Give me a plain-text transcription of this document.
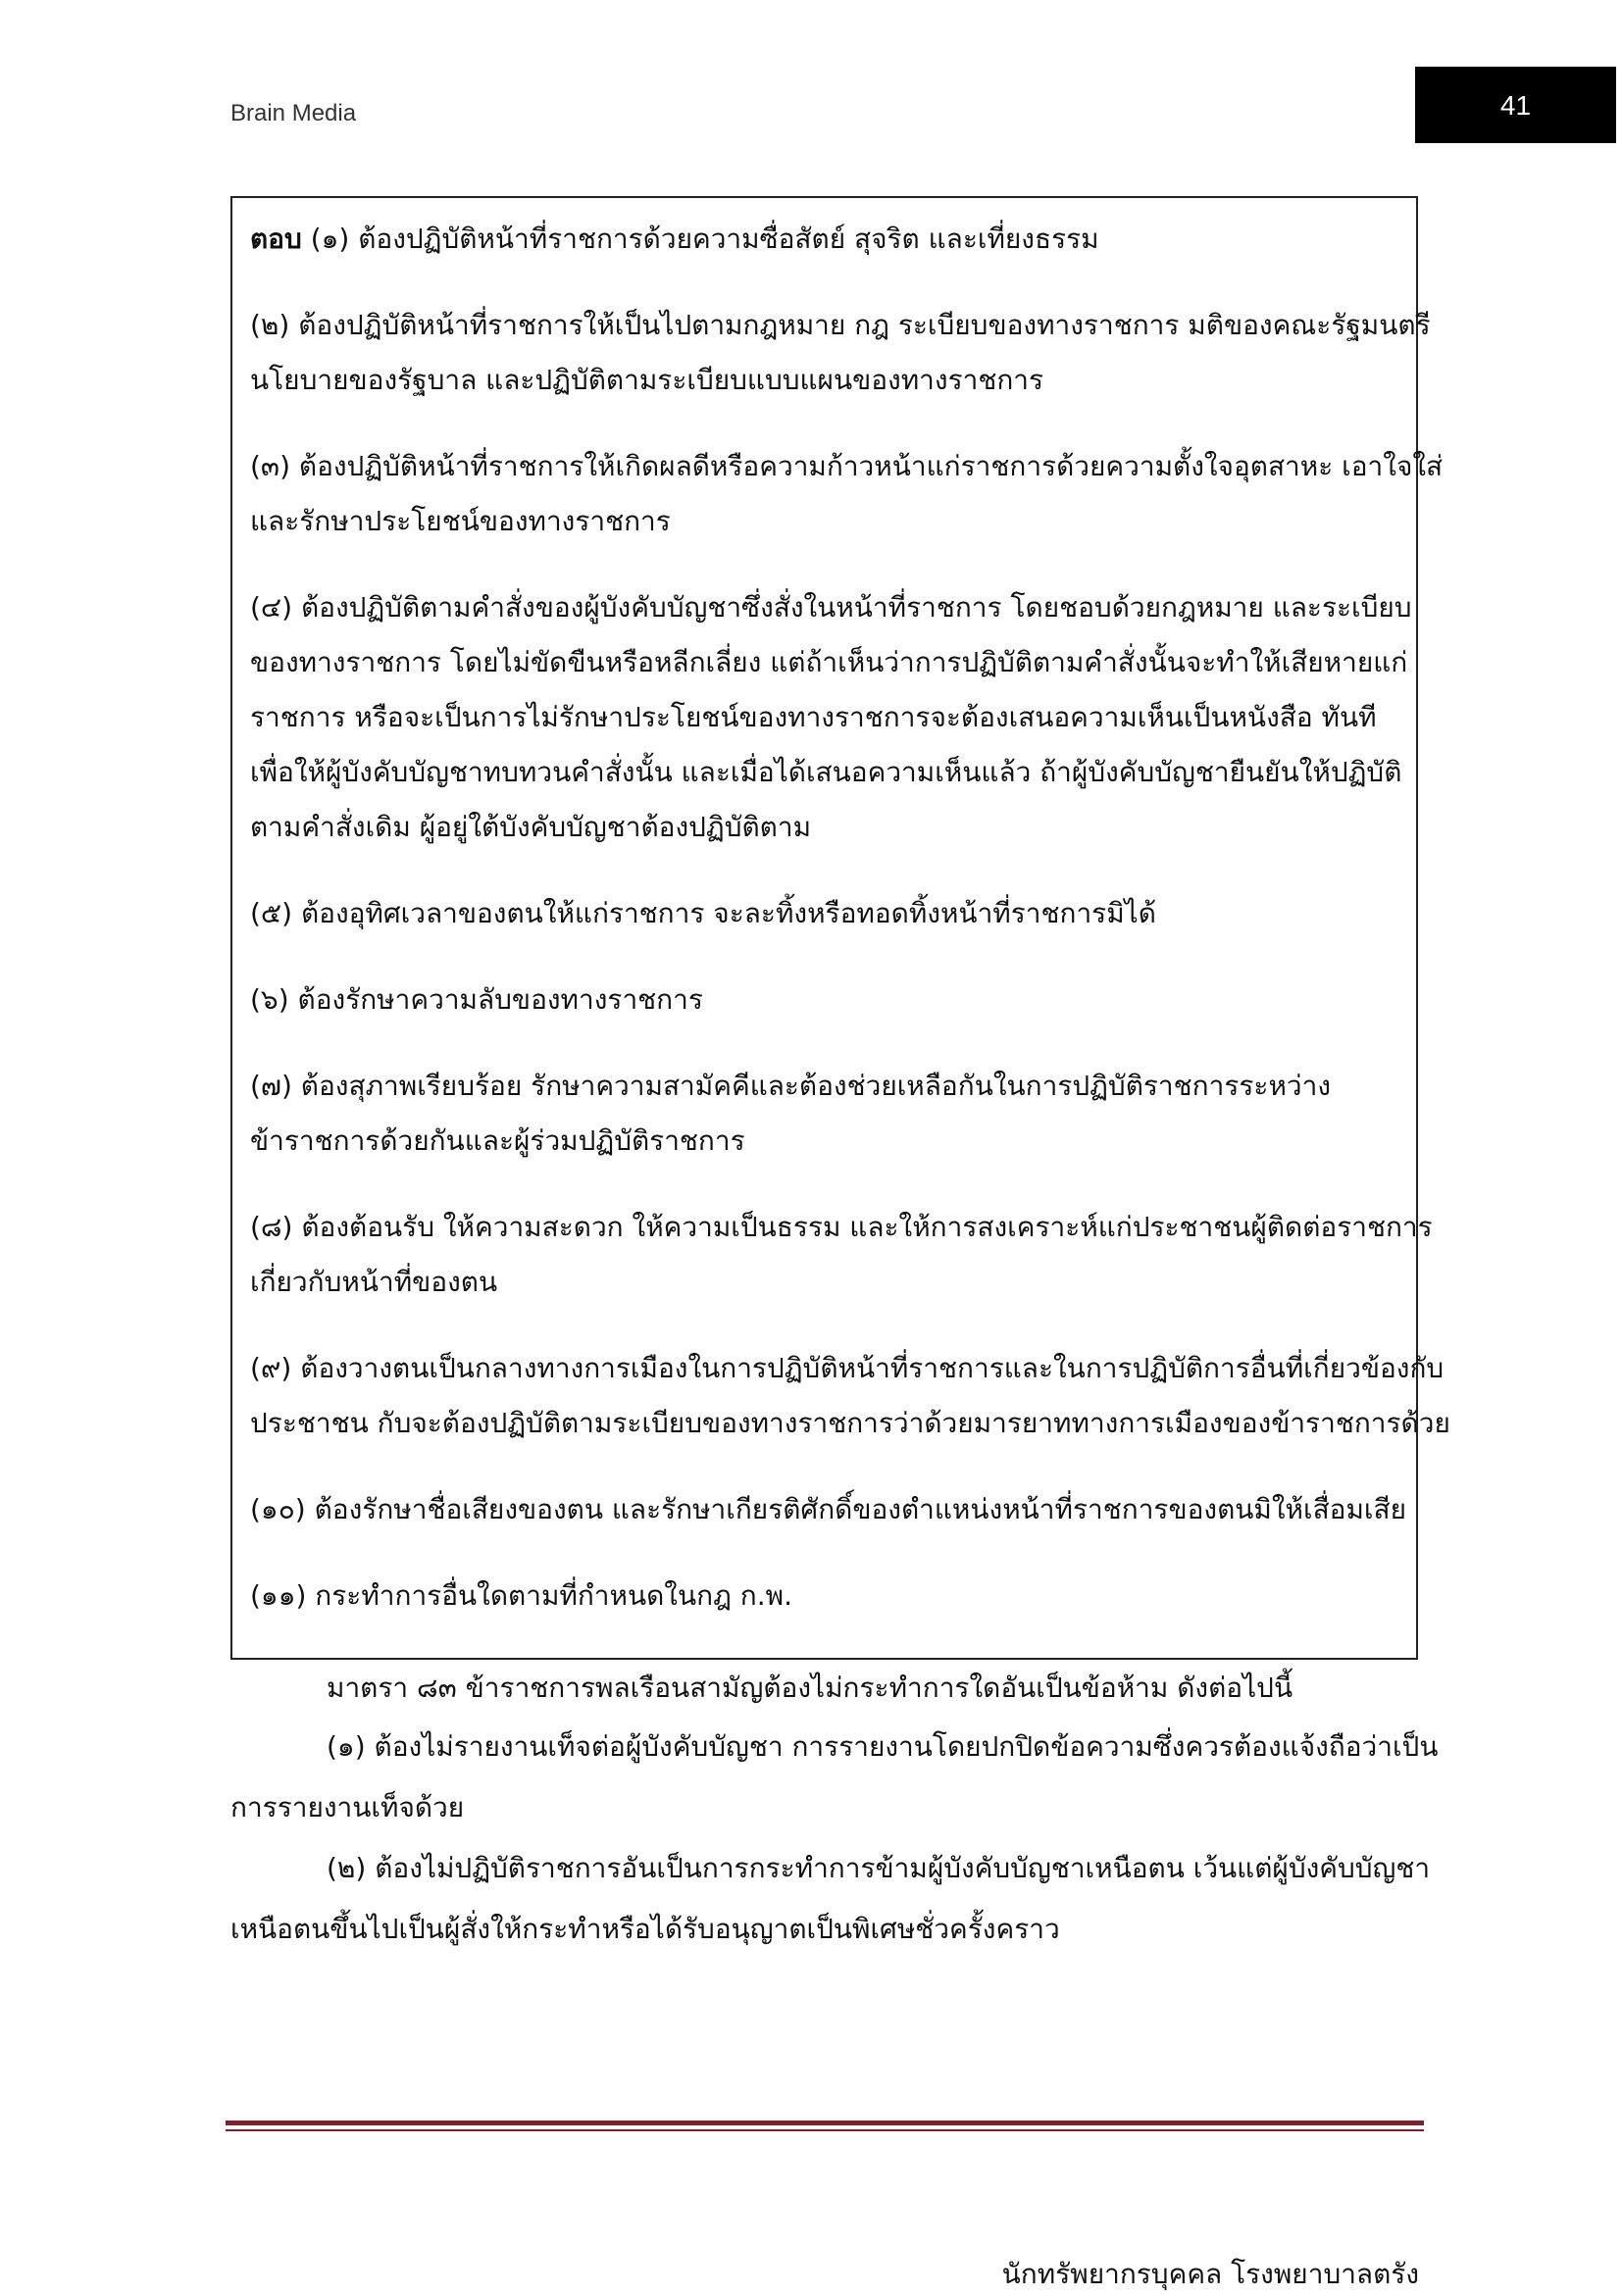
Brain Media	41
ตอบ (๑) ต้องปฏิบัติหน้าที่ราชการด้วยความซื่อสัตย์ สุจริต และเที่ยงธรรม
(๒) ต้องปฏิบัติหน้าที่ราชการให้เป็นไปตามกฎหมาย กฎ ระเบียบของทางราชการ มติของคณะรัฐมนตรี
นโยบายของรัฐบาล และปฏิบัติตามระเบียบแบบแผนของทางราชการ
(๓) ต้องปฏิบัติหน้าที่ราชการให้เกิดผลดีหรือความก้าวหน้าแก่ราชการด้วยความตั้งใจอุตสาหะ เอาใจใส่
และรักษาประโยชน์ของทางราชการ
(๔) ต้องปฏิบัติตามคำสั่งของผู้บังคับบัญชาซึ่งสั่งในหน้าที่ราชการ โดยชอบด้วยกฎหมาย และระเบียบ
ของทางราชการ โดยไม่ขัดขืนหรือหลีกเลี่ยง แต่ถ้าเห็นว่าการปฏิบัติตามคำสั่งนั้นจะทำให้เสียหายแก่
ราชการ หรือจะเป็นการไม่รักษาประโยชน์ของทางราชการจะต้องเสนอความเห็นเป็นหนังสือ ทันที
เพื่อให้ผู้บังคับบัญชาทบทวนคำสั่งนั้น และเมื่อได้เสนอความเห็นแล้ว ถ้าผู้บังคับบัญชายืนยันให้ปฏิบัติ
ตามคำสั่งเดิม ผู้อยู่ใต้บังคับบัญชาต้องปฏิบัติตาม
(๕) ต้องอุทิศเวลาของตนให้แก่ราชการ จะละทิ้งหรือทอดทิ้งหน้าที่ราชการมิได้
(๖) ต้องรักษาความลับของทางราชการ
(๗) ต้องสุภาพเรียบร้อย รักษาความสามัคคีและต้องช่วยเหลือกันในการปฏิบัติราชการระหว่าง
ข้าราชการด้วยกันและผู้ร่วมปฏิบัติราชการ
(๘) ต้องต้อนรับ ให้ความสะดวก ให้ความเป็นธรรม และให้การสงเคราะห์แก่ประชาชนผู้ติดต่อราชการ
เกี่ยวกับหน้าที่ของตน
(๙) ต้องวางตนเป็นกลางทางการเมืองในการปฏิบัติหน้าที่ราชการและในการปฏิบัติการอื่นที่เกี่ยวข้องกับ
ประชาชน กับจะต้องปฏิบัติตามระเบียบของทางราชการว่าด้วยมารยาททางการเมืองของข้าราชการด้วย
(๑๐) ต้องรักษาชื่อเสียงของตน และรักษาเกียรติศักดิ์ของตำแหน่งหน้าที่ราชการของตนมิให้เสื่อมเสีย
(๑๑) กระทำการอื่นใดตามที่กำหนดในกฎ ก.พ.
มาตรา ๘๓ ข้าราชการพลเรือนสามัญต้องไม่กระทำการใดอันเป็นข้อห้าม ดังต่อไปนี้
(๑) ต้องไม่รายงานเท็จต่อผู้บังคับบัญชา การรายงานโดยปกปิดข้อความซึ่งควรต้องแจ้งถือว่าเป็น
การรายงานเท็จด้วย
(๒) ต้องไม่ปฏิบัติราชการอันเป็นการกระทำการข้ามผู้บังคับบัญชาเหนือตน เว้นแต่ผู้บังคับบัญชา
เหนือตนขึ้นไปเป็นผู้สั่งให้กระทำหรือได้รับอนุญาตเป็นพิเศษชั่วครั้งคราว
นักทรัพยากรบุคคล โรงพยาบาลตรัง
